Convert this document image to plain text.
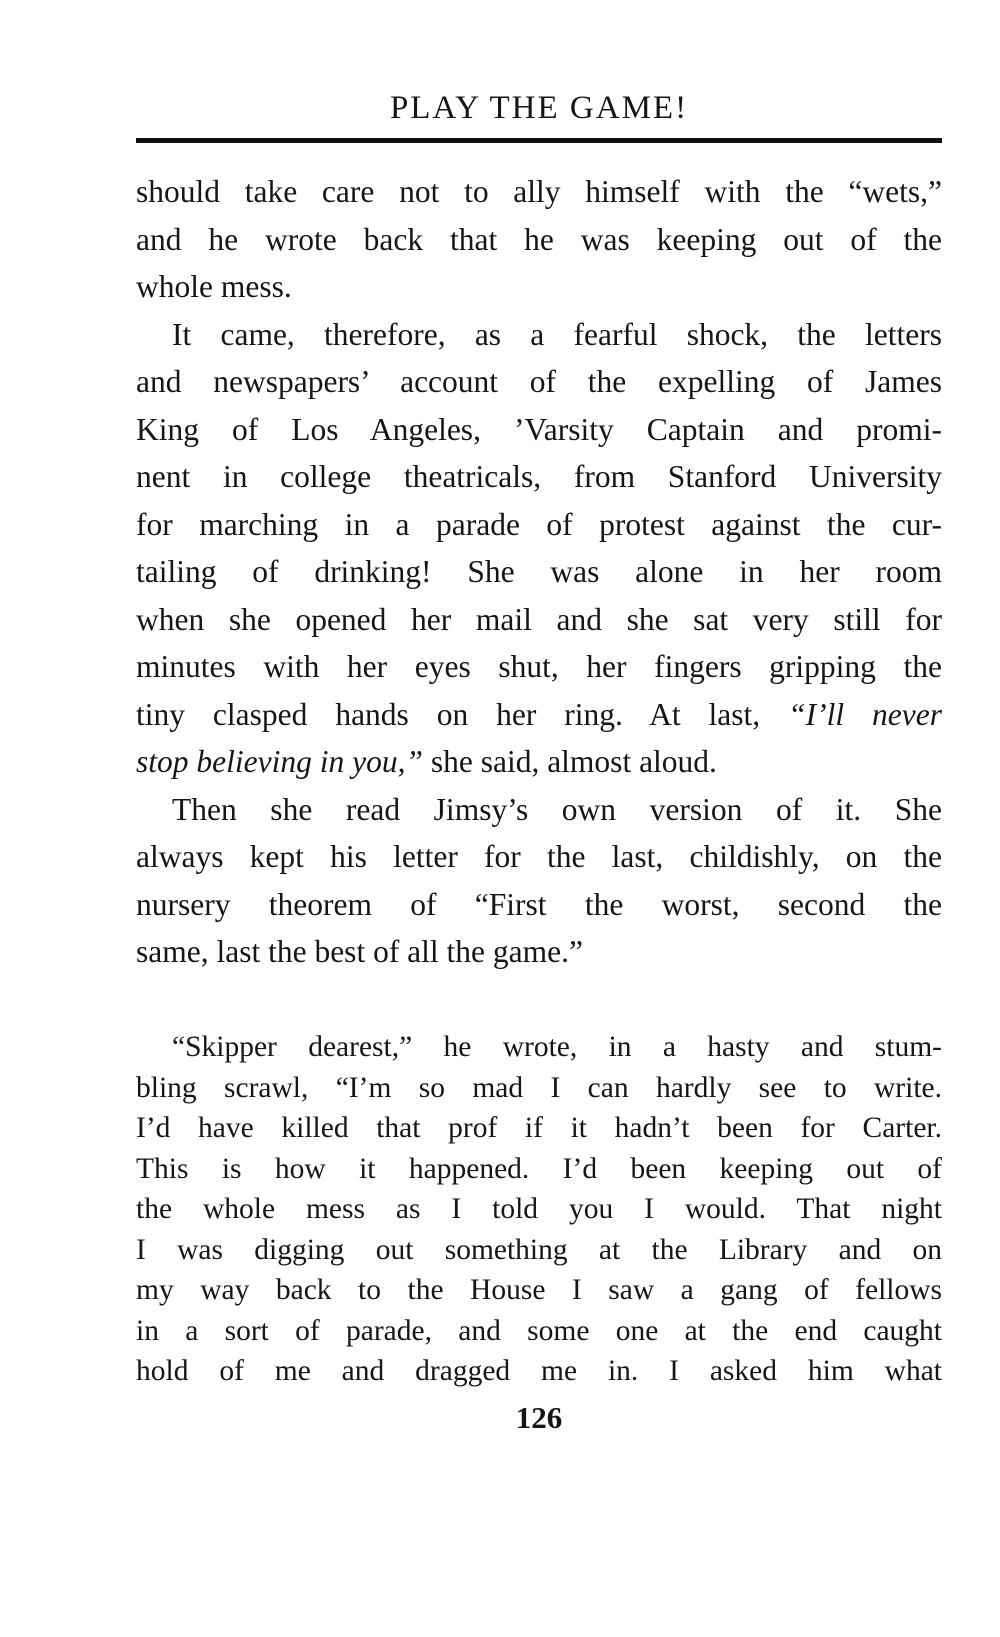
PLAY THE GAME!

should take care not to ally himself with the “wets,”

and he wrote back that he was keeping out of the

whole mess.

It came, therefore, as a fearful shock, the letters

and newspapers’ account of the expelling of James

King of Los Angeles, ’Varsity Captain and promi-

nent in college theatricals, from Stanford University

for marching in a parade of protest against the cur-

tailing of drinking! She was alone in her room

when she opened her mail and she sat very still for

minutes with her eyes shut, her fingers gripping the

tiny clasped hands on her ring. At last, “I’ll never

stop believing in you,” she said, almost aloud.

Then she read Jimsy’s own version of it. She

always kept his letter for the last, childishly, on the

nursery theorem of “First the worst, second the

same, last the best of all the game.”

“Skipper dearest,” he wrote, in a hasty and stum-

bling scrawl, “I’m so mad I can hardly see to write.

I’d have killed that prof if it hadn’t been for Carter.

This is how it happened. I’d been keeping out of

the whole mess as I told you I would. That night

I was digging out something at the Library and on

my way back to the House I saw a gang of fellows

in a sort of parade, and some one at the end caught

hold of me and dragged me in. I asked him what

126
